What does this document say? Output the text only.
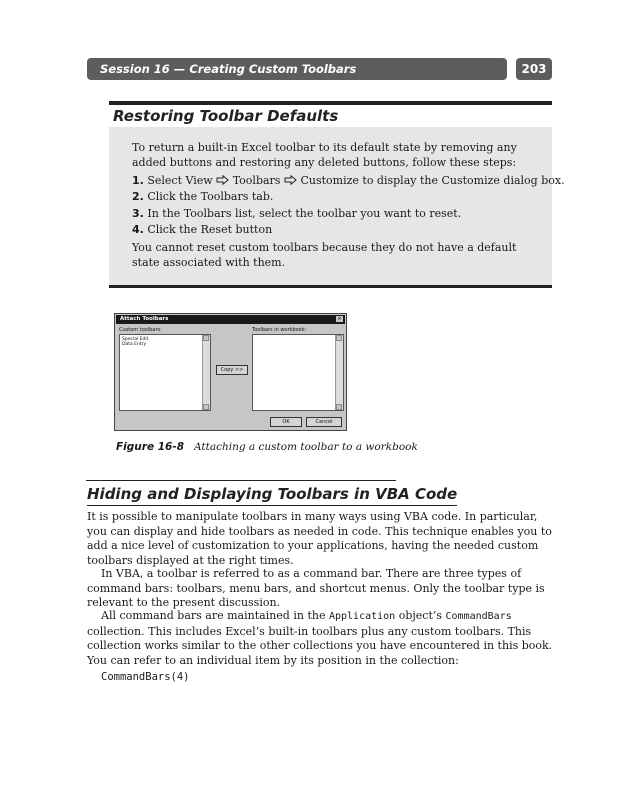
Session 16 — Creating Custom Toolbars	203
Restoring Toolbar Defaults
To return a built-in Excel toolbar to its default state by removing any added buttons and restoring any deleted buttons, follow these steps:
1. Select View Toolbars Customize to display the Customize dialog box.
2. Click the Toolbars tab.
3. In the Toolbars list, select the toolbar you want to reset.
4. Click the Reset button
You cannot reset custom toolbars because they do not have a default state associated with them.
Attach Toolbars	×
Custom toolbars:
Special Edit
Data Entry
Copy >>
Toolbars in workbook:
OK	Cancel
Figure 16-8 Attaching a custom toolbar to a workbook
Hiding and Displaying Toolbars in VBA Code
It is possible to manipulate toolbars in many ways using VBA code. In particular, you can display and hide toolbars as needed in code. This technique enables you to add a nice level of customization to your applications, having the needed custom toolbars displayed at the right times.
In VBA, a toolbar is referred to as a command bar. There are three types of command bars: toolbars, menu bars, and shortcut menus. Only the toolbar type is relevant to the present discussion.
All command bars are maintained in the Application object’s CommandBars collection. This includes Excel’s built-in toolbars plus any custom toolbars. This collection works similar to the other collections you have encountered in this book. You can refer to an individual item by its position in the collection:
CommandBars(4)
